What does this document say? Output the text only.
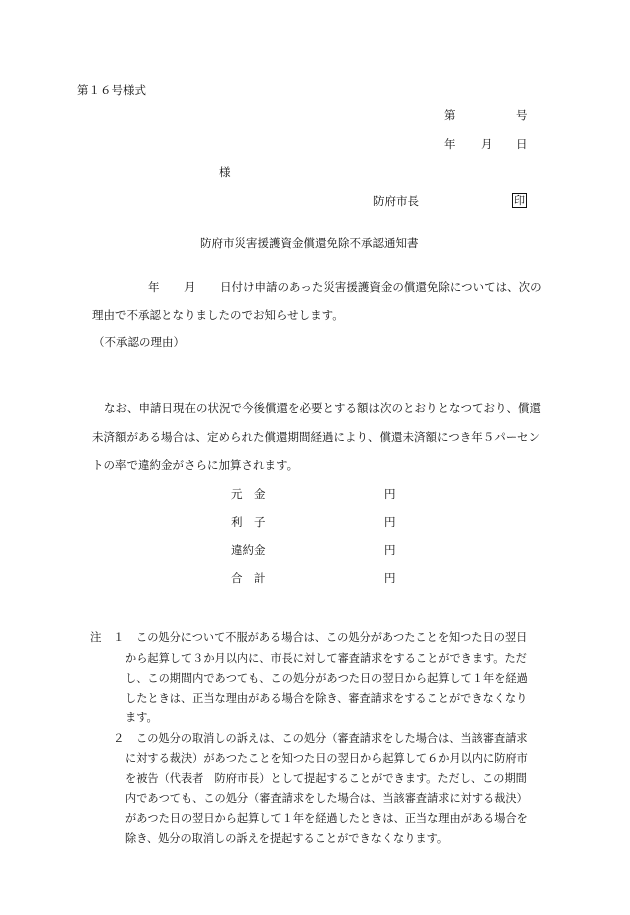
第１６号様式
第	号
年 月 日
様
防府市長	印
防府市災害援護資金償還免除不承認通知書
年 月 日付け申請のあった災害援護資金の償還免除については、次の
理由で不承認となりましたのでお知らせします。
（不承認の理由）
なお、申請日現在の状況で今後償還を必要とする額は次のとおりとなつており、償還
未済額がある場合は、定められた償還期間経過により、償還未済額につき年５パーセン
トの率で違約金がさらに加算されます。
元　金	円
利　子	円
違約金	円
合　計	円
注 １ この処分について不服がある場合は、この処分があつたことを知つた日の翌日
から起算して３か月以内に、市長に対して審査請求をすることができます。ただ
し、この期間内であつても、この処分があつた日の翌日から起算して１年を経過
したときは、正当な理由がある場合を除き、審査請求をすることができなくなり
ます。
２ この処分の取消しの訴えは、この処分（審査請求をした場合は、当該審査請求
に対する裁決）があつたことを知つた日の翌日から起算して６か月以内に防府市
を被告（代表者　防府市長）として提起することができます。ただし、この期間
内であつても、この処分（審査請求をした場合は、当該審査請求に対する裁決）
があつた日の翌日から起算して１年を経過したときは、正当な理由がある場合を
除き、処分の取消しの訴えを提起することができなくなります。
